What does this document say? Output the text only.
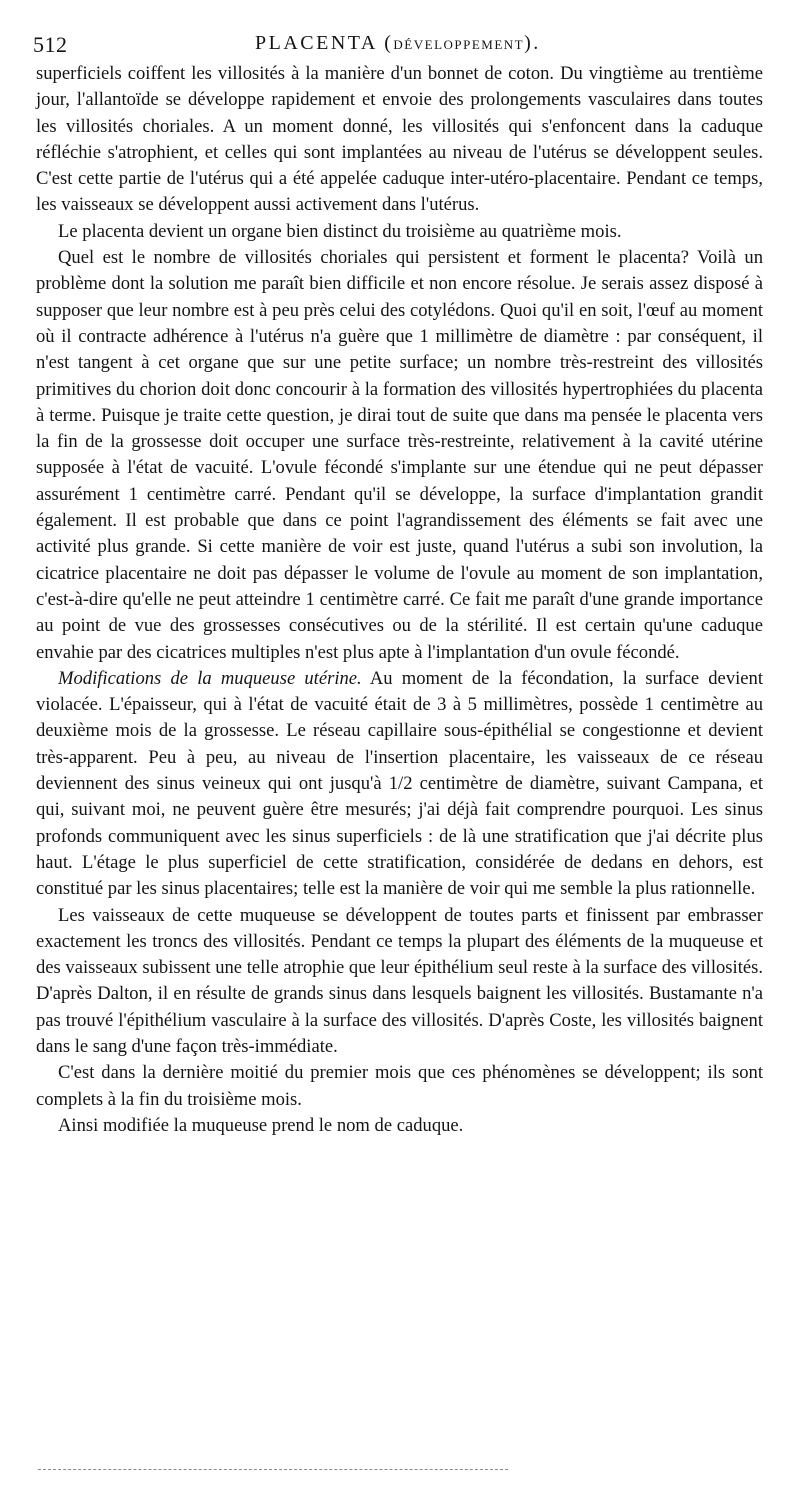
512	PLACENTA (DÉVELOPPEMENT).

superficiels coiffent les villosités à la manière d'un bonnet de coton. Du vingtième au trentième jour, l'allantoïde se développe rapidement et envoie des prolongements vasculaires dans toutes les villosités choriales. A un moment donné, les villosités qui s'enfoncent dans la caduque réfléchie s'atrophient, et celles qui sont implantées au niveau de l'utérus se développent seules. C'est cette partie de l'utérus qui a été appelée caduque inter-utéro-placentaire. Pendant ce temps, les vaisseaux se développent aussi activement dans l'utérus.

Le placenta devient un organe bien distinct du troisième au quatrième mois.

Quel est le nombre de villosités choriales qui persistent et forment le placenta? Voilà un problème dont la solution me paraît bien difficile et non encore résolue. Je serais assez disposé à supposer que leur nombre est à peu près celui des cotylédons. Quoi qu'il en soit, l'œuf au moment où il contracte adhérence à l'utérus n'a guère que 1 millimètre de diamètre : par conséquent, il n'est tangent à cet organe que sur une petite surface; un nombre très-restreint des villosités primitives du chorion doit donc concourir à la formation des villosités hypertrophiées du placenta à terme. Puisque je traite cette question, je dirai tout de suite que dans ma pensée le placenta vers la fin de la grossesse doit occuper une surface très-restreinte, relativement à la cavité utérine supposée à l'état de vacuité. L'ovule fécondé s'implante sur une étendue qui ne peut dépasser assurément 1 centimètre carré. Pendant qu'il se développe, la surface d'implantation grandit également. Il est probable que dans ce point l'agrandissement des éléments se fait avec une activité plus grande. Si cette manière de voir est juste, quand l'utérus a subi son involution, la cicatrice placentaire ne doit pas dépasser le volume de l'ovule au moment de son implantation, c'est-à-dire qu'elle ne peut atteindre 1 centimètre carré. Ce fait me paraît d'une grande importance au point de vue des grossesses consécutives ou de la stérilité. Il est certain qu'une caduque envahie par des cicatrices multiples n'est plus apte à l'implantation d'un ovule fécondé.

Modifications de la muqueuse utérine. Au moment de la fécondation, la surface devient violacée. L'épaisseur, qui à l'état de vacuité était de 3 à 5 millimètres, possède 1 centimètre au deuxième mois de la grossesse. Le réseau capillaire sous-épithélial se congestionne et devient très-apparent. Peu à peu, au niveau de l'insertion placentaire, les vaisseaux de ce réseau deviennent des sinus veineux qui ont jusqu'à 1/2 centimètre de diamètre, suivant Campana, et qui, suivant moi, ne peuvent guère être mesurés; j'ai déjà fait comprendre pourquoi. Les sinus profonds communiquent avec les sinus superficiels : de là une stratification que j'ai décrite plus haut. L'étage le plus superficiel de cette stratification, considérée de dedans en dehors, est constitué par les sinus placentaires; telle est la manière de voir qui me semble la plus rationnelle.

Les vaisseaux de cette muqueuse se développent de toutes parts et finissent par embrasser exactement les troncs des villosités. Pendant ce temps la plupart des éléments de la muqueuse et des vaisseaux subissent une telle atrophie que leur épithélium seul reste à la surface des villosités. D'après Dalton, il en résulte de grands sinus dans lesquels baignent les villosités. Bustamante n'a pas trouvé l'épithélium vasculaire à la surface des villosités. D'après Coste, les villosités baignent dans le sang d'une façon très-immédiate.

C'est dans la dernière moitié du premier mois que ces phénomènes se développent; ils sont complets à la fin du troisième mois.

Ainsi modifiée la muqueuse prend le nom de caduque.
